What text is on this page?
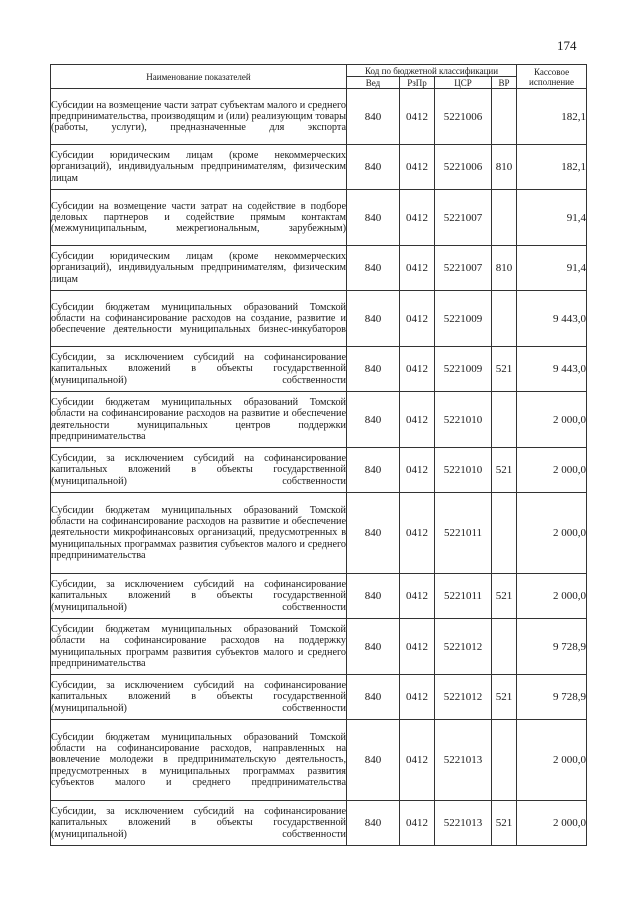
174
Наименование показателей	Код по бюджетной классификации				Кассовое
исполнение
	Вед	РзПр	ЦСР	ВР	
Субсидии на возмещение части затрат субъектам малого и среднего предпринимательства, производящим и (или) реализующим товары (работы, услуги), предназначенные для экспорта	840	0412	5221006		182,1
Субсидии юридическим лицам (кроме некоммерческих организаций), индивидуальным предпринимателям, физическим лицам	840	0412	5221006	810	182,1
Субсидии на возмещение части затрат на содействие в подборе деловых партнеров и содействие прямым контактам (межмуниципальным, межрегиональным, зарубежным)	840	0412	5221007		91,4
Субсидии юридическим лицам (кроме некоммерческих организаций), индивидуальным предпринимателям, физическим лицам	840	0412	5221007	810	91,4
Субсидии бюджетам муниципальных образований Томской области на софинансирование расходов на создание, развитие и обеспечение деятельности муниципальных бизнес-инкубаторов	840	0412	5221009		9 443,0
Субсидии, за исключением субсидий на софинансирование капитальных вложений в объекты государственной (муниципальной) собственности	840	0412	5221009	521	9 443,0
Субсидии бюджетам муниципальных образований Томской области на софинансирование расходов на развитие и обеспечение деятельности муниципальных центров поддержки предпринимательства	840	0412	5221010		2 000,0
Субсидии, за исключением субсидий на софинансирование капитальных вложений в объекты государственной (муниципальной) собственности	840	0412	5221010	521	2 000,0
Субсидии бюджетам муниципальных образований Томской области на софинансирование расходов на развитие и обеспечение деятельности микрофинансовых организаций, предусмотренных в муниципальных программах развития субъектов малого и среднего предпринимательства	840	0412	5221011		2 000,0
Субсидии, за исключением субсидий на софинансирование капитальных вложений в объекты государственной (муниципальной) собственности	840	0412	5221011	521	2 000,0
Субсидии бюджетам муниципальных образований Томской области на софинансирование расходов на поддержку муниципальных программ развития субъектов малого и среднего предпринимательства	840	0412	5221012		9 728,9
Субсидии, за исключением субсидий на софинансирование капитальных вложений в объекты государственной (муниципальной) собственности	840	0412	5221012	521	9 728,9
Субсидии бюджетам муниципальных образований Томской области на софинансирование расходов, направленных на вовлечение молодежи в предпринимательскую деятельность, предусмотренных в муниципальных программах развития субъектов малого и среднего предпринимательства	840	0412	5221013		2 000,0
Субсидии, за исключением субсидий на софинансирование капитальных вложений в объекты государственной (муниципальной) собственности	840	0412	5221013	521	2 000,0
